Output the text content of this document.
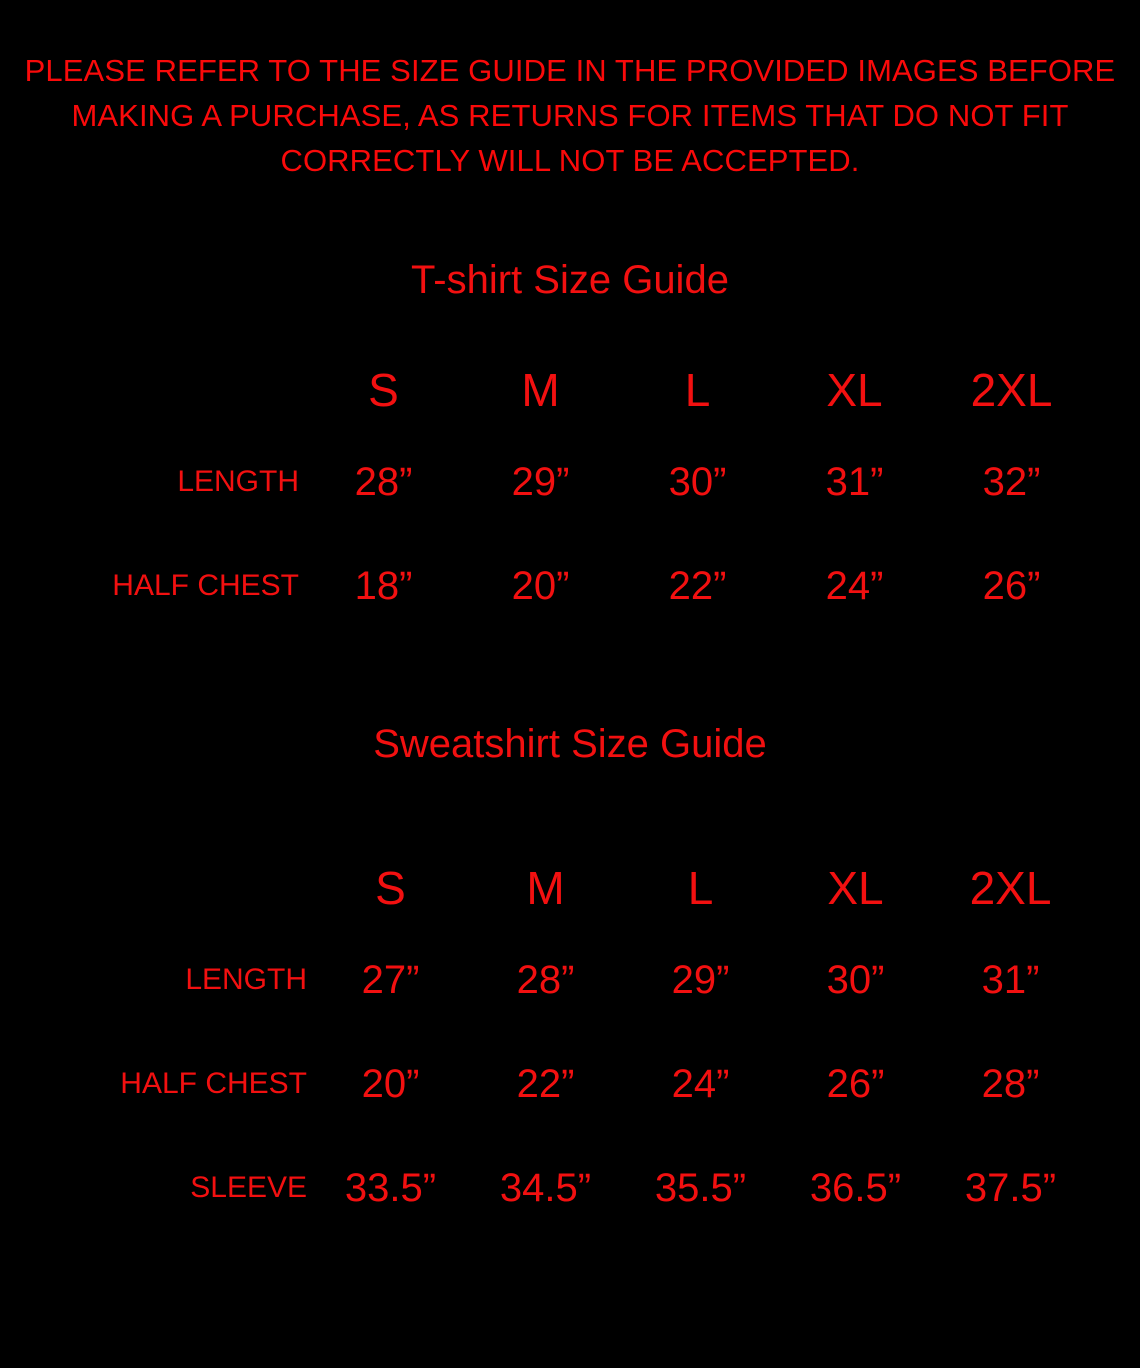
PLEASE REFER TO THE SIZE GUIDE IN THE PROVIDED IMAGES BEFORE MAKING A PURCHASE, AS RETURNS FOR ITEMS THAT DO NOT FIT CORRECTLY WILL NOT BE ACCEPTED.
T-shirt Size Guide
	S	M	L	XL	2XL
LENGTH	28”	29”	30”	31”	32”
HALF CHEST	18”	20”	22”	24”	26”
Sweatshirt Size Guide
	S	M	L	XL	2XL
LENGTH	27”	28”	29”	30”	31”
HALF CHEST	20”	22”	24”	26”	28”
SLEEVE	33.5”	34.5”	35.5”	36.5”	37.5”
